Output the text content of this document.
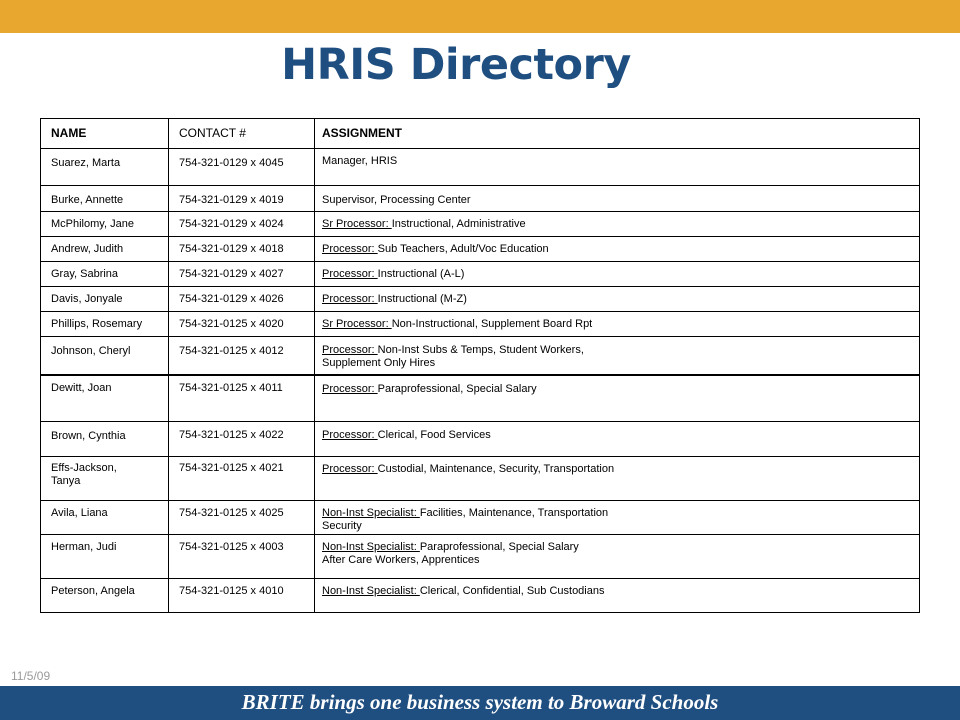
HRIS Directory
NAME	CONTACT #	ASSIGNMENT
Suarez, Marta	754-321-0129 x 4045	Manager, HRIS
Burke, Annette	754-321-0129 x 4019	Supervisor, Processing Center
McPhilomy, Jane	754-321-0129 x 4024	Sr Processor: Instructional, Administrative
Andrew, Judith	754-321-0129 x 4018	Processor: Sub Teachers, Adult/Voc Education
Gray, Sabrina	754-321-0129 x 4027	Processor: Instructional (A-L)
Davis, Jonyale	754-321-0129 x 4026	Processor: Instructional (M-Z)
Phillips, Rosemary	754-321-0125 x 4020	Sr Processor: Non-Instructional, Supplement Board Rpt
Johnson, Cheryl	754-321-0125 x 4012	Processor: Non-Inst Subs & Temps, Student Workers,
Supplement Only Hires
Dewitt, Joan	754-321-0125 x 4011	Processor: Paraprofessional, Special Salary
Brown, Cynthia	754-321-0125 x 4022	Processor: Clerical, Food Services
Effs-Jackson,
Tanya	754-321-0125 x 4021	Processor: Custodial, Maintenance, Security, Transportation
Avila, Liana	754-321-0125 x 4025	Non-Inst Specialist: Facilities, Maintenance, Transportation
Security
Herman, Judi	754-321-0125 x 4003	Non-Inst Specialist: Paraprofessional, Special Salary
After Care Workers, Apprentices
Peterson, Angela	754-321-0125 x 4010	Non-Inst Specialist: Clerical, Confidential, Sub Custodians
11/5/09
BRITE brings one business system to Broward Schools
